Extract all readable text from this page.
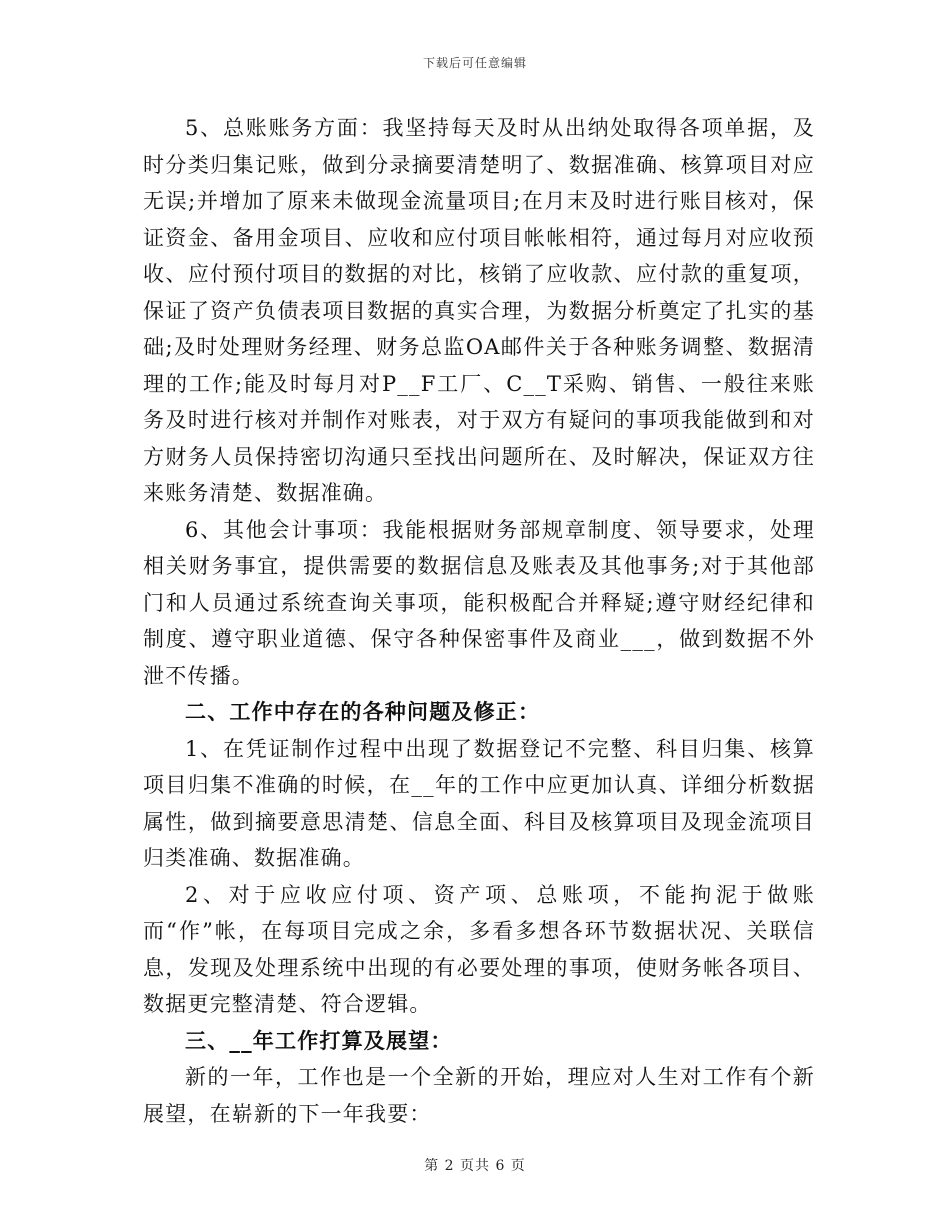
下载后可任意编辑

5、总账账务方面：我坚持每天及时从出纳处取得各项单据，及时分类归集记账，做到分录摘要清楚明了、数据准确、核算项目对应无误;并增加了原来未做现金流量项目;在月末及时进行账目核对，保证资金、备用金项目、应收和应付项目帐帐相符，通过每月对应收预收、应付预付项目的数据的对比，核销了应收款、应付款的重复项，保证了资产负债表项目数据的真实合理，为数据分析奠定了扎实的基础;及时处理财务经理、财务总监OA邮件关于各种账务调整、数据清理的工作;能及时每月对P__F工厂、C__T采购、销售、一般往来账务及时进行核对并制作对账表，对于双方有疑问的事项我能做到和对方财务人员保持密切沟通只至找出问题所在、及时解决，保证双方往来账务清楚、数据准确。

6、其他会计事项：我能根据财务部规章制度、领导要求，处理相关财务事宜，提供需要的数据信息及账表及其他事务;对于其他部门和人员通过系统查询关事项，能积极配合并释疑;遵守财经纪律和制度、遵守职业道德、保守各种保密事件及商业___，做到数据不外泄不传播。

二、工作中存在的各种问题及修正：

1、在凭证制作过程中出现了数据登记不完整、科目归集、核算项目归集不准确的时候，在__年的工作中应更加认真、详细分析数据属性，做到摘要意思清楚、信息全面、科目及核算项目及现金流项目归类准确、数据准确。

2、对于应收应付项、资产项、总账项，不能拘泥于做账而“作”帐，在每项目完成之余，多看多想各环节数据状况、关联信息，发现及处理系统中出现的有必要处理的事项，使财务帐各项目、数据更完整清楚、符合逻辑。

三、__年工作打算及展望：

新的一年，工作也是一个全新的开始，理应对人生对工作有个新展望，在崭新的下一年我要：

第 2 页共 6 页
